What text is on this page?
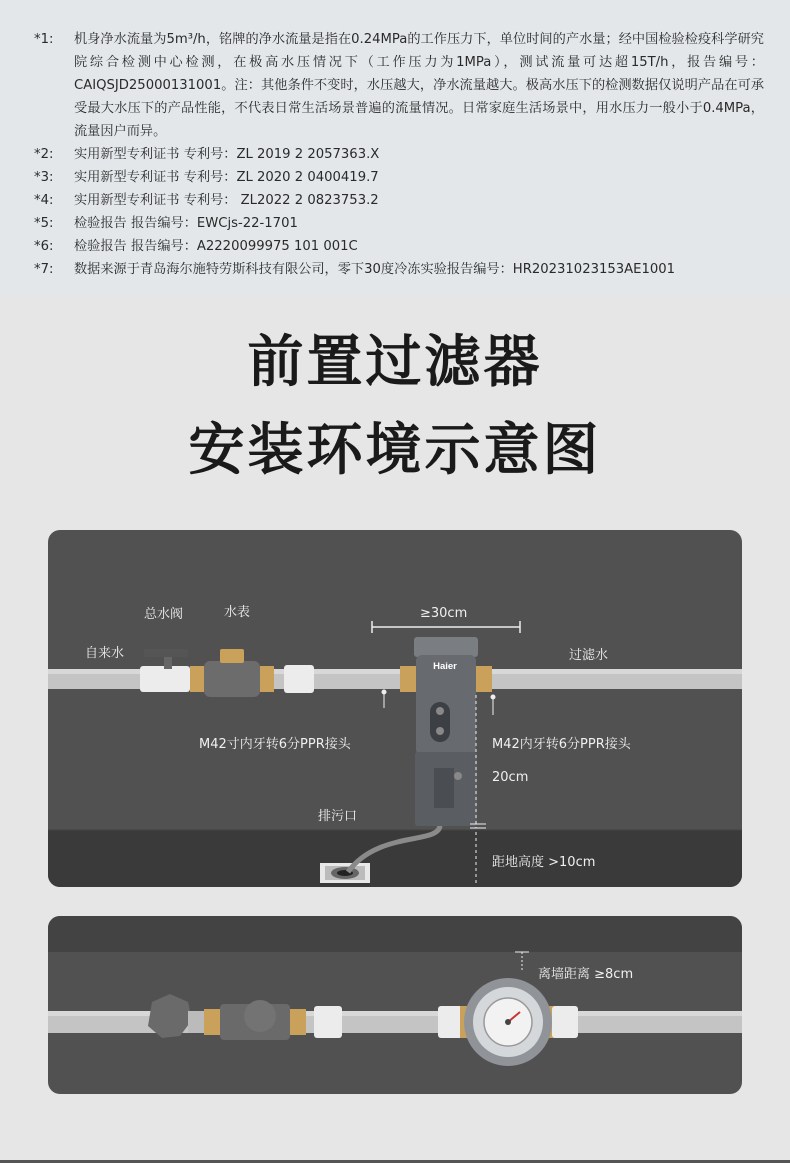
*1: 机身净水流量为5m³/h，铭牌的净水流量是指在0.24MPa的工作压力下，单位时间的产水量；经中国检验检疫科学研究院综合检测中心检测，在极高水压情况下（工作压力为1MPa），测试流量可达超15T/h，报告编号：CAIQSJD25000131001。注：其他条件不变时，水压越大，净水流量越大。极高水压下的检测数据仅说明产品在可承受最大水压下的产品性能，不代表日常生活场景普遍的流量情况。日常家庭生活场景中，用水压力一般小于0.4MPa，流量因户而异。
*2: 实用新型专利证书 专利号：ZL 2019 2 2057363.X
*3: 实用新型专利证书 专利号：ZL 2020 2 0400419.7
*4: 实用新型专利证书 专利号： ZL2022 2 0823753.2
*5: 检验报告 报告编号：EWCjs-22-1701
*6: 检验报告 报告编号：A2220099975 101 001C
*7: 数据来源于青岛海尔施特劳斯科技有限公司，零下30度冷冻实验报告编号：HR20231023153AE1001
前置过滤器
安装环境示意图
Haier
自来水
总水阀	水表	≥30cm
过滤水
M42寸内牙转6分PPR接头	M42内牙转6分PPR接头
20cm
排污口
距地高度 >10cm
离墙距离 ≥8cm
